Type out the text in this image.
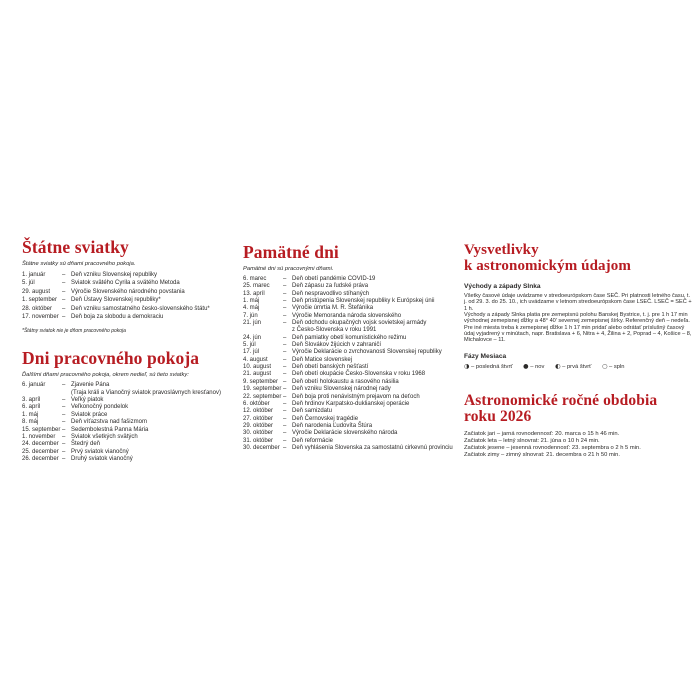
Štátne sviatky

Štátne sviatky sú dňami pracovného pokoja.

1. január	– Deň vzniku Slovenskej republiky
5. júl	– Sviatok svätého Cyrila a svätého Metoda
29. august	– Výročie Slovenského národného povstania
1. september – Deň Ústavy Slovenskej republiky*
28. október	– Deň vzniku samostatného česko-slovenského štátu*
17. november – Deň boja za slobodu a demokraciu

*Štátny sviatok nie je dňom pracovného pokoja

Dni pracovného pokoja

Ďalšími dňami pracovného pokoja, okrem nedieľ, sú tieto sviatky:

6. január	– Zjavenie Pána
(Traja králi a Vianočný sviatok pravoslávnych kresťanov)
3. apríl	– Veľký piatok
6. apríl	– Veľkonočný pondelok
1. máj	– Sviatok práce
8. máj	– Deň víťazstva nad fašizmom
15. september – Sedembolestná Panna Mária
1. november	– Sviatok všetkých svätých
24. december – Štedrý deň
25. december – Prvý sviatok vianočný
26. december – Druhý sviatok vianočný
Pamätné dni

Pamätné dni sú pracovnými dňami.

6. marec	– Deň obetí pandémie COVID-19
25. marec	– Deň zápasu za ľudské práva
13. apríl	– Deň nespravodlivo stíhaných
1. máj	– Deň pristúpenia Slovenskej republiky k Európskej únii
4. máj	– Výročie úmrtia M. R. Štefánika
7. jún	– Výročie Memoranda národa slovenského
21. jún	– Deň odchodu okupačných vojsk sovietskej armády
z Česko-Slovenska v roku 1991
24. jún	– Deň pamiatky obetí komunistického režimu
5. júl	– Deň Slovákov žijúcich v zahraničí
17. júl	– Výročie Deklarácie o zvrchovanosti Slovenskej republiky
4. august	– Deň Matice slovenskej
10. august	– Deň obetí banských nešťastí
21. august	– Deň obetí okupácie Česko-Slovenska v roku 1968
9. september – Deň obetí holokaustu a rasového násilia
19. september – Deň vzniku Slovenskej národnej rady
22. september – Deň boja proti nenávistným prejavom na deťoch
6. október	– Deň hrdinov Karpatsko-duklianskej operácie
12. október	– Deň samizdatu
27. október	– Deň Černovskej tragédie
29. október	– Deň narodenia Ľudovíta Štúra
30. október	– Výročie Deklarácie slovenského národa
31. október	– Deň reformácie
30. december – Deň vyhlásenia Slovenska za samostatnú cirkevnú provinciu
Vysvetlivky
k astronomickým údajom

Východy a západy Slnka

Všetky časové údaje uvádzame v stredoeurópskom čase SEČ. Pri platnosti letného času, t. j. od 29. 3. do 25. 10., ich uvádzame v letnom stredoeurópskom čase LSEČ. LSEČ = SEČ + 1 h.

Východy a západy Slnka platia pre zemepisnú polohu Banskej Bystrice, t. j. pre 1 h 17 min východnej zemepisnej dĺžky a 48° 40′ severnej zemepisnej šírky. Referenčný deň – nedeľa. Pre iné miesta treba k zemepisnej dĺžke 1 h 17 min pridať alebo odrátať príslušný časový údaj vyjadrený v minútach, napr. Bratislava + 6, Nitra + 4, Žilina + 2, Poprad – 4, Košice – 8, Michalovce – 11.

Fázy Mesiaca

◑ – posledná štvrť ● – nov ◐ – prvá štvrť ○ – spln
Astronomické ročné obdobia
roku 2026
Začiatok jari – jarná rovnodennosť: 20. marca o 15 h 46 min.
Začiatok leta – letný slnovrat: 21. júna o 10 h 24 min.
Začiatok jesene – jesenná rovnodennosť: 23. septembra o 2 h 5 min.
Začiatok zimy – zimný slnovrat: 21. decembra o 21 h 50 min.
